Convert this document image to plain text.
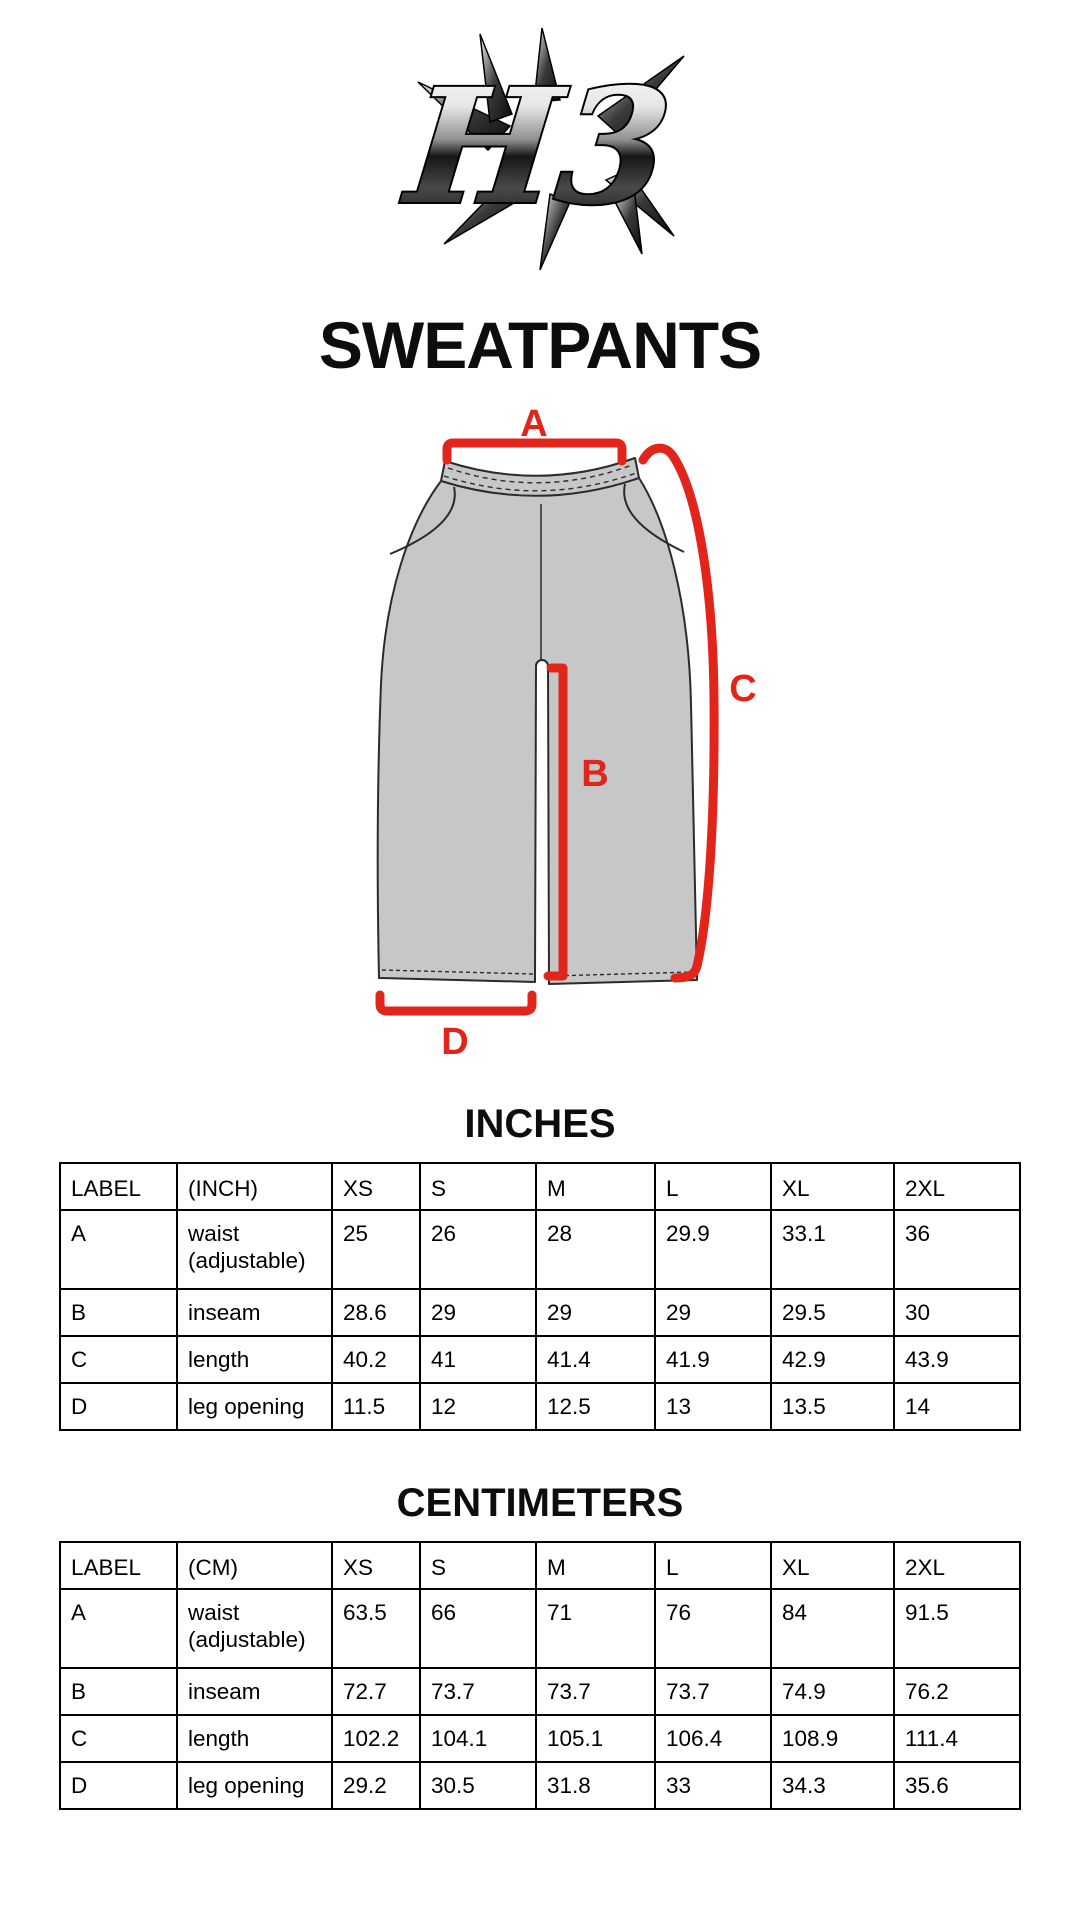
H3
SWEATPANTS
A
B
C
D
INCHES
LABEL	(INCH)	XS	S	M	L	XL	2XL
A	waist (adjustable)	25	26	28	29.9	33.1	36
B	inseam	28.6	29	29	29	29.5	30
C	length	40.2	41	41.4	41.9	42.9	43.9
D	leg opening	11.5	12	12.5	13	13.5	14
CENTIMETERS
LABEL	(CM)	XS	S	M	L	XL	2XL
A	waist (adjustable)	63.5	66	71	76	84	91.5
B	inseam	72.7	73.7	73.7	73.7	74.9	76.2
C	length	102.2	104.1	105.1	106.4	108.9	111.4
D	leg opening	29.2	30.5	31.8	33	34.3	35.6
